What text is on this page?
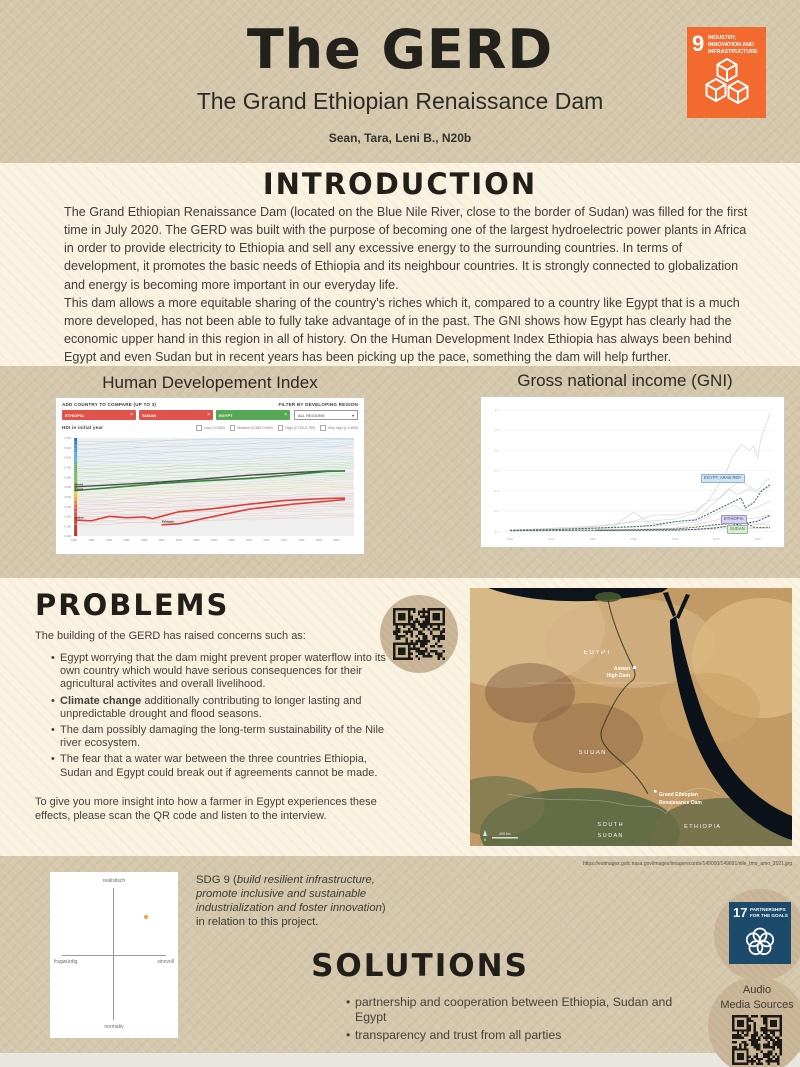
The GERD
The Grand Ethiopian Renaissance Dam
Sean, Tara, Leni B., N20b
9 INDUSTRY, INNOVATION AND INFRASTRUCTURE
INTRODUCTION

The Grand Ethiopian Renaissance Dam (located on the Blue Nile River, close to the border of Sudan) was filled for the first time in July 2020. The GERD was built with the purpose of becoming one of the largest hydroelectric power plants in Africa in order to provide electricity to Ethiopia and sell any excessive energy to the surrounding countries. In terms of development, it promotes the basic needs of Ethiopia and its neighbour countries. It is strongly connected to globalization and energy is becoming more important in our everyday life.

This dam allows a more equitable sharing of the country's riches which it, compared to a country like Egypt that is a much more developed, has not been able to fully take advantage of in the past. The GNI shows how Egypt has clearly had the economic upper hand in this region in all of history. On the Human Development Index Ethiopia has always been behind Egypt and even Sudan but in recent years has been picking up the pace, something the dam will help further.

Human Developement Index
ADD COUNTRY TO COMPARE (UP TO 3)	FILTER BY DEVELOPING REGION
ETHIOPIA	× SUDAN	× EGYPT	×	ALL REGIONS	▾
HDI in initial year	Low (<0.550)	Medium (0.550-0.699)	High (0.700-0.799)	Very high (≥ 0.800)
1.000
0.920
0.840
0.760
0.680
0.600
0.520
0.440
0.360
0.280
0.200
1990	1992	1994	1996	1998	2000	2002	2004	2006	2008	2010	2012	2014	2016	2018	2020
World
Egypt
Sudan
Ethiopia
Gross national income (GNI)
1.2
1.0
0.8
0.6
0.4
0.2
0.0
1960	1970	1980	1990	2000	2010	2020
EGYPT, ARAB REP.
ETHIOPIA
SUDAN
PROBLEMS
The building of the GERD has raised concerns such as:
• Egypt worrying that the dam might prevent proper waterflow into its own country which would have serious consequences for their agricultural activites and overall livelihood.
• Climate change additionally contributing to longer lasting and unpredictable drought and flood seasons.
• The dam possibly damaging the long-term sustainability of the Nile river ecosystem.
• The fear that a water war between the three countries Ethiopia, Sudan and Egypt could break out if agreements cannot be made.
To give you more insight into how a farmer in Egypt experiences these effects, please scan the QR code and listen to the interview.
E G Y P T
Aswan
High Dam
S U D A N
Grand Ethiopian
Renaissance Dam
S O U T H
S U D A N
E T H I O P I A
N
400 km
https://eoimages.gsfc.nasa.gov/images/imagerecords/149000/149691/nile_tmo_amo_2021.jpg
realistisch
normativ
fragwürdig	sinnvoll
SDG 9 (build resilient infrastructure, promote inclusive and sustainable industrialization and foster innovation) in relation to this project.
SOLUTIONS
• partnership and cooperation between Ethiopia, Sudan and Egypt
• transparency and trust from all parties
17 PARTNERSHIPS FOR THE GOALS
Audio
Media Sources
